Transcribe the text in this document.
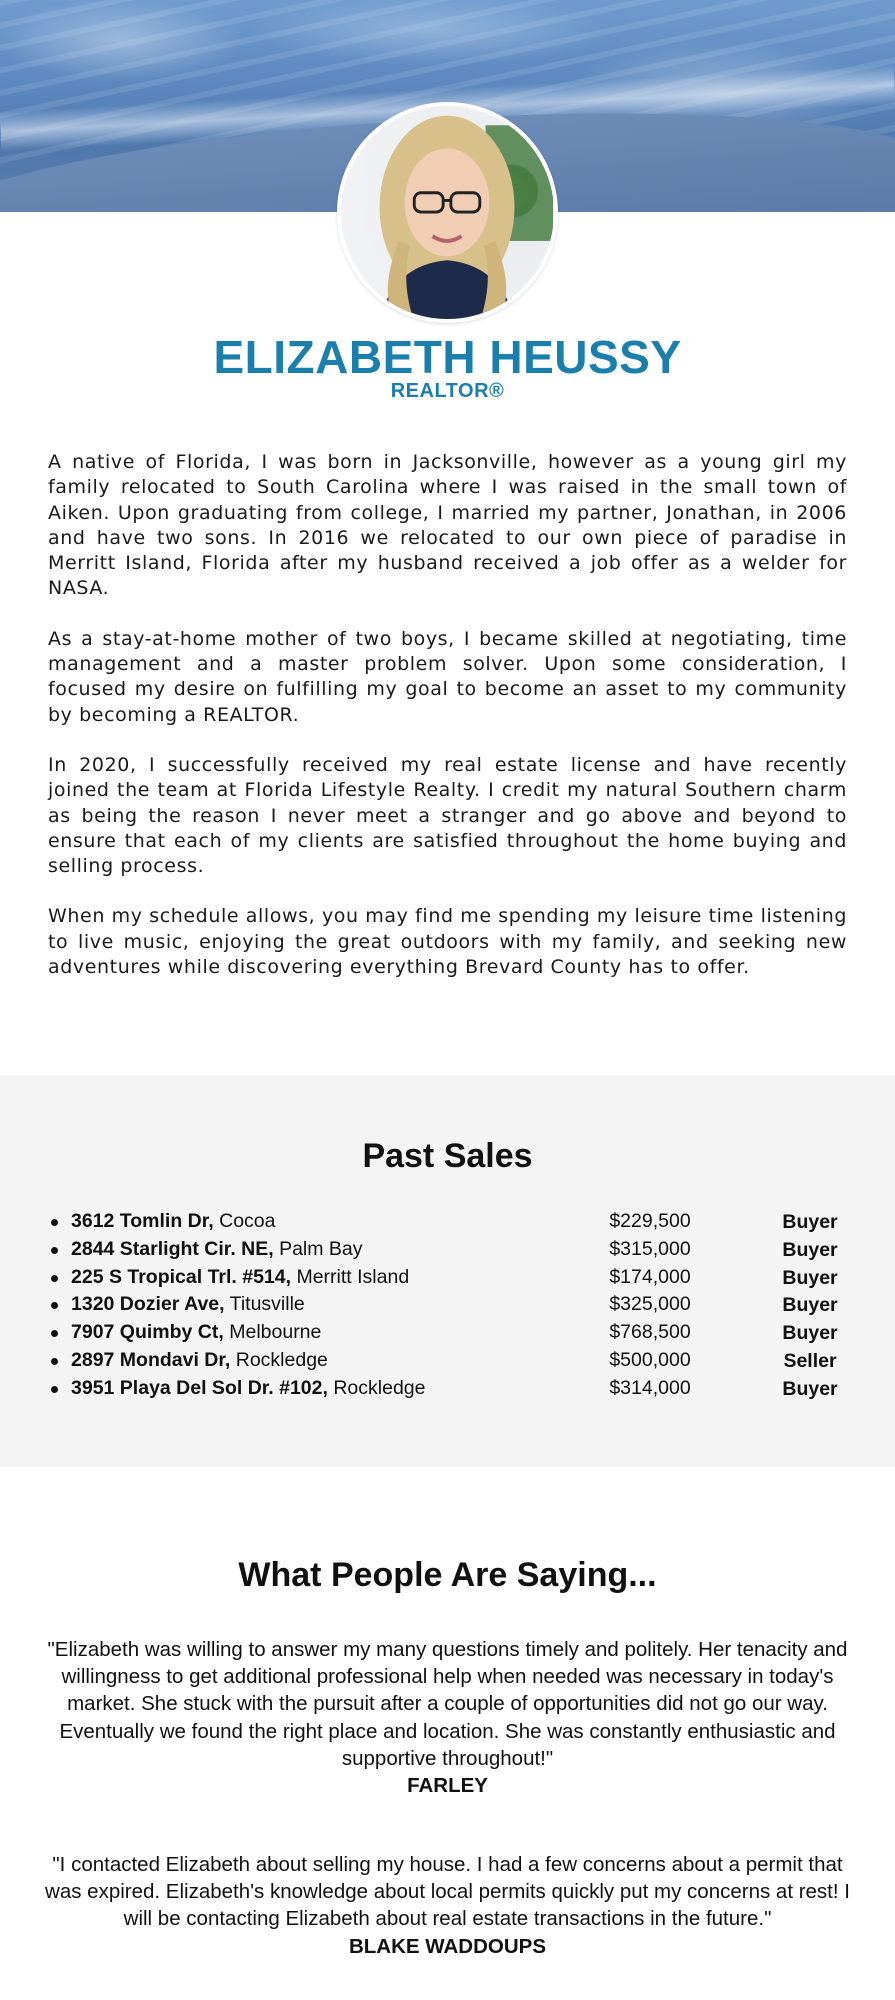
ELIZABETH HEUSSY
REALTOR®

A native of Florida, I was born in Jacksonville, however as a young girl my family relocated to South Carolina where I was raised in the small town of Aiken. Upon graduating from college, I married my partner, Jonathan, in 2006 and have two sons. In 2016 we relocated to our own piece of paradise in Merritt Island, Florida after my husband received a job offer as a welder for NASA.

As a stay-at-home mother of two boys, I became skilled at negotiating, time management and a master problem solver. Upon some consideration, I focused my desire on fulfilling my goal to become an asset to my community by becoming a REALTOR.

In 2020, I successfully received my real estate license and have recently joined the team at Florida Lifestyle Realty. I credit my natural Southern charm as being the reason I never meet a stranger and go above and beyond to ensure that each of my clients are satisfied throughout the home buying and selling process.

When my schedule allows, you may find me spending my leisure time listening to live music, enjoying the great outdoors with my family, and seeking new adventures while discovering everything Brevard County has to offer.

Past Sales
3612 Tomlin Dr, Cocoa	$229,500	Buyer
2844 Starlight Cir. NE, Palm Bay	$315,000	Buyer
225 S Tropical Trl. #514, Merritt Island	$174,000	Buyer
1320 Dozier Ave, Titusville	$325,000	Buyer
7907 Quimby Ct, Melbourne	$768,500	Buyer
2897 Mondavi Dr, Rockledge	$500,000	Seller
3951 Playa Del Sol Dr. #102, Rockledge	$314,000	Buyer
What People Are Saying...
"Elizabeth was willing to answer my many questions timely and politely. Her tenacity and willingness to get additional professional help when needed was necessary in today's market. She stuck with the pursuit after a couple of opportunities did not go our way. Eventually we found the right place and location. She was constantly enthusiastic and supportive throughout!"
FARLEY
"I contacted Elizabeth about selling my house. I had a few concerns about a permit that was expired. Elizabeth's knowledge about local permits quickly put my concerns at rest! I will be contacting Elizabeth about real estate transactions in the future."
BLAKE WADDOUPS
